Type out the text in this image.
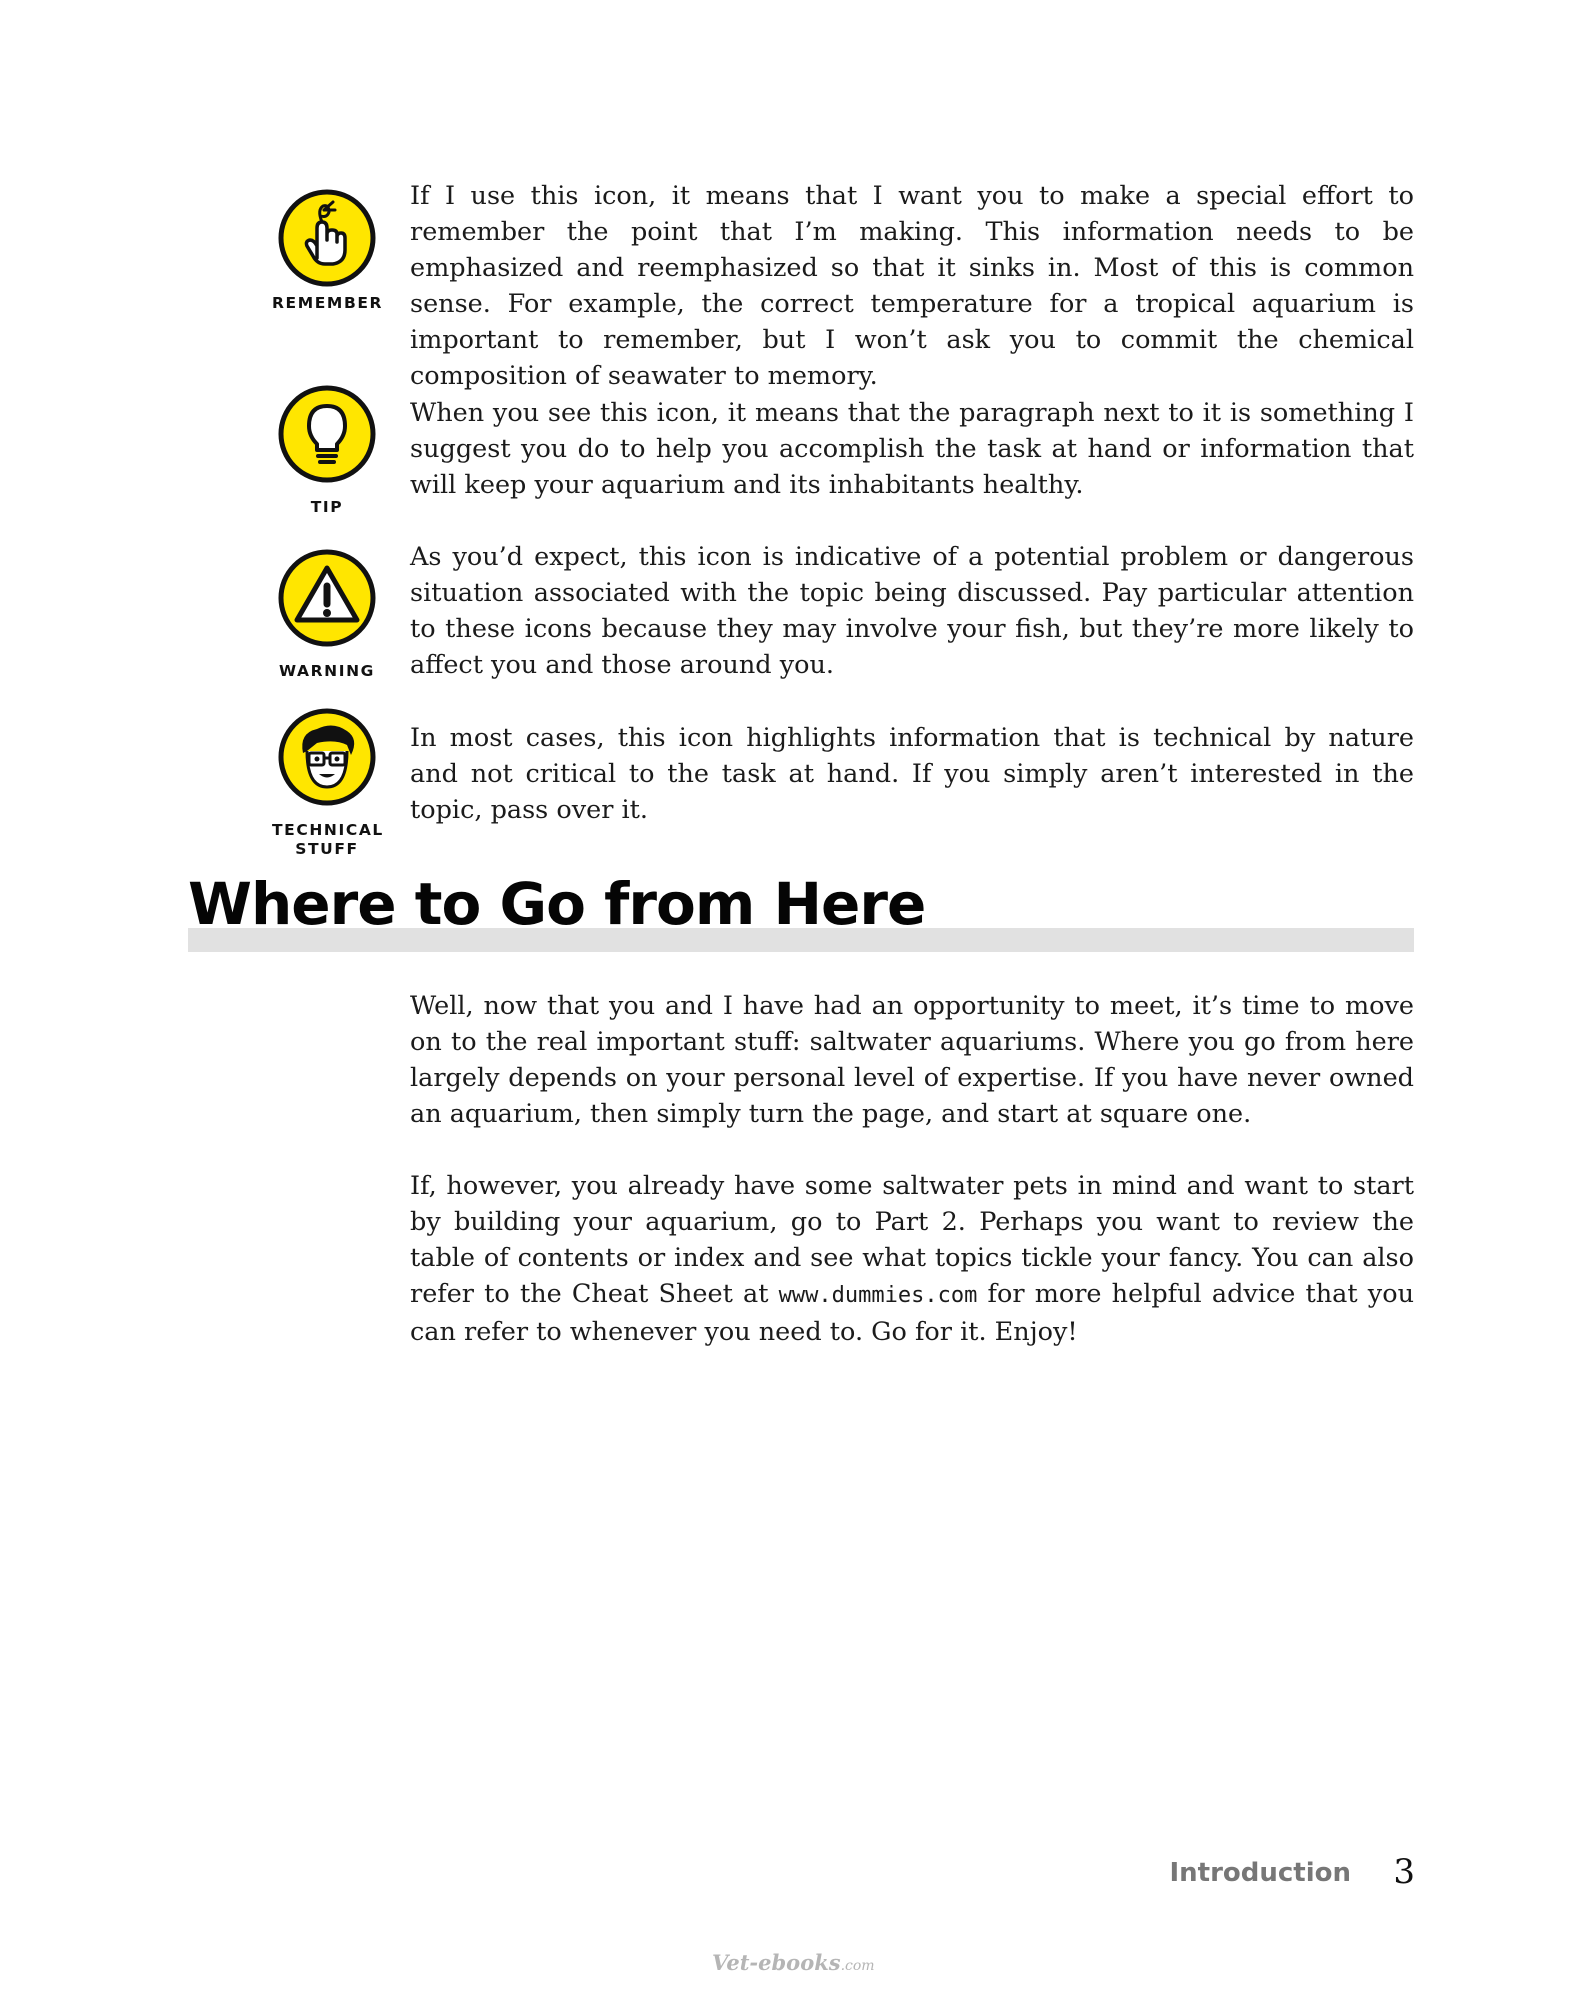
REMEMBER

If I use this icon, it means that I want you to make a special effort to remember the point that I’m making. This information needs to be emphasized and reemphasized so that it sinks in. Most of this is common sense. For example, the correct temperature for a tropical aquarium is important to remember, but I won’t ask you to commit the chemical composition of seawater to memory.

TIP

When you see this icon, it means that the paragraph next to it is something I suggest you do to help you accomplish the task at hand or information that will keep your aquarium and its inhabitants healthy.

WARNING

As you’d expect, this icon is indicative of a potential problem or dangerous situation associated with the topic being discussed. Pay particular attention to these icons because they may involve your fish, but they’re more likely to affect you and those around you.

TECHNICAL
STUFF

In most cases, this icon highlights information that is technical by nature and not critical to the task at hand. If you simply aren’t interested in the topic, pass over it.

Where to Go from Here

Well, now that you and I have had an opportunity to meet, it’s time to move on to the real important stuff: saltwater aquariums. Where you go from here largely depends on your personal level of expertise. If you have never owned an aquarium, then simply turn the page, and start at square one.

If, however, you already have some saltwater pets in mind and want to start by building your aquarium, go to Part 2. Perhaps you want to review the table of contents or index and see what topics tickle your fancy. You can also refer to the Cheat Sheet at www.dummies.com for more helpful advice that you can refer to whenever you need to. Go for it. Enjoy!

Introduction 3
Vet-ebooks.com
